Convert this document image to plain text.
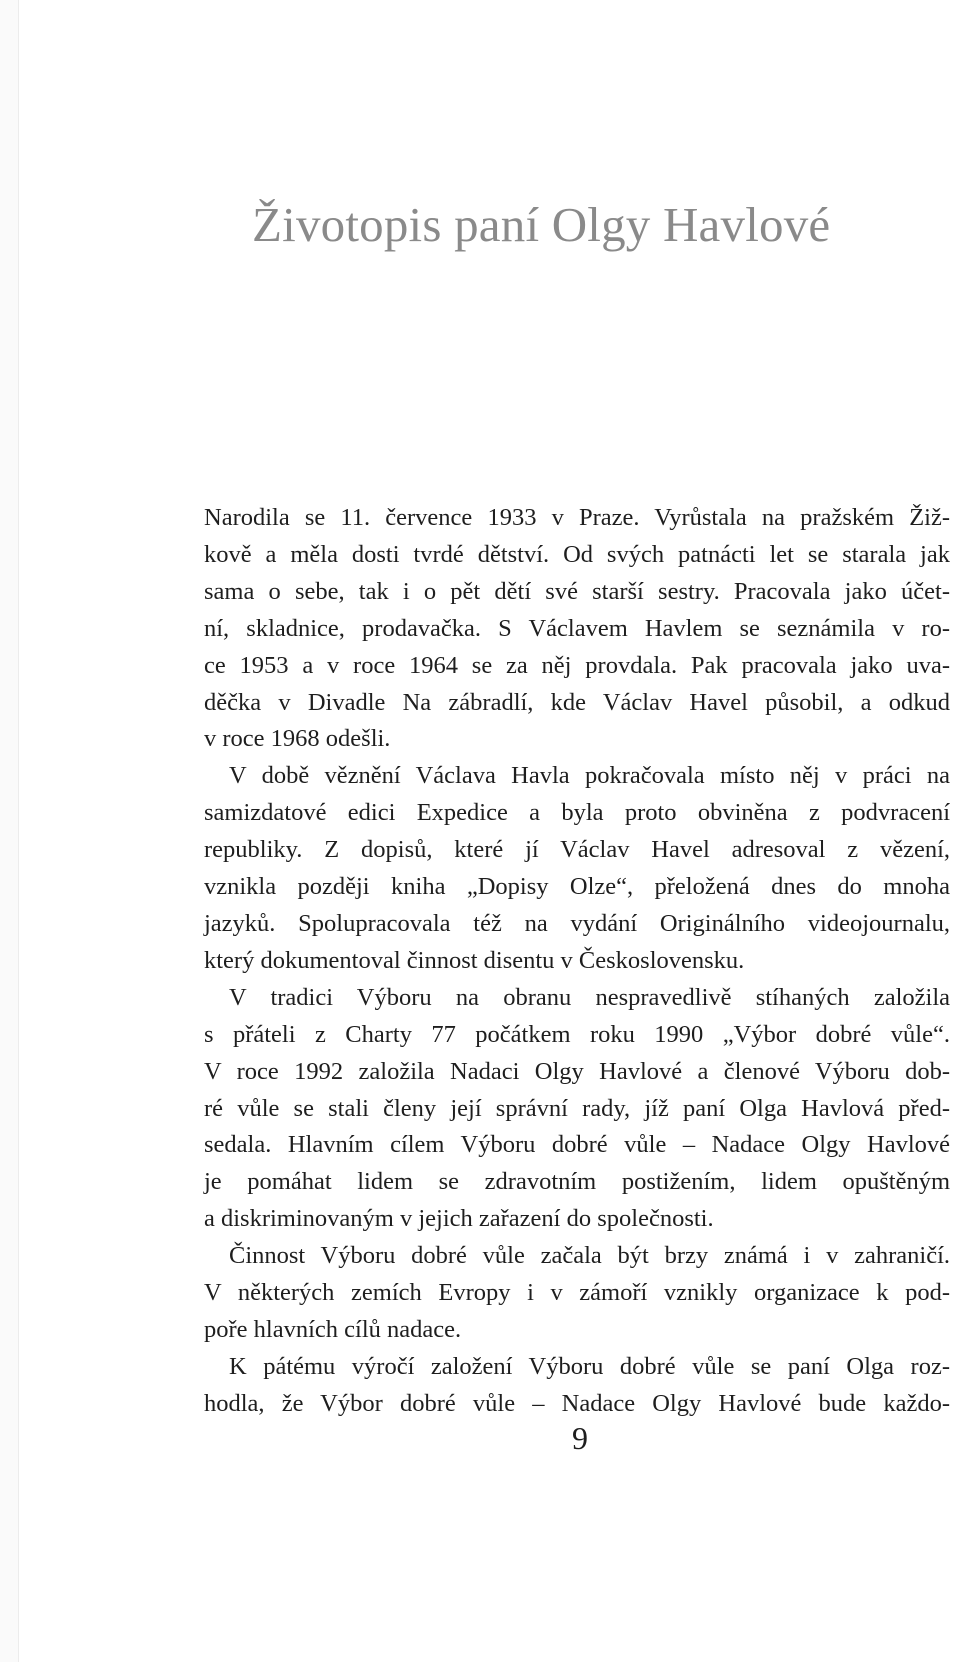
Životopis paní Olgy Havlové

Narodila se 11. července 1933 v Praze. Vyrůstala na pražském Žiž-
kově a měla dosti tvrdé dětství. Od svých patnácti let se starala jak
sama o sebe, tak i o pět dětí své starší sestry. Pracovala jako účet-
ní, skladnice, prodavačka. S Václavem Havlem se seznámila v ro-
ce 1953 a v roce 1964 se za něj provdala. Pak pracovala jako uva-
děčka v Divadle Na zábradlí, kde Václav Havel působil, a odkud
v roce 1968 odešli.

V době věznění Václava Havla pokračovala místo něj v práci na
samizdatové edici Expedice a byla proto obviněna z podvracení
republiky. Z dopisů, které jí Václav Havel adresoval z vězení,
vznikla později kniha „Dopisy Olze“, přeložená dnes do mnoha
jazyků. Spolupracovala též na vydání Originálního videojournalu,
který dokumentoval činnost disentu v Československu.

V tradici Výboru na obranu nespravedlivě stíhaných založila
s přáteli z Charty 77 počátkem roku 1990 „Výbor dobré vůle“.
V roce 1992 založila Nadaci Olgy Havlové a členové Výboru dob-
ré vůle se stali členy její správní rady, jíž paní Olga Havlová před-
sedala. Hlavním cílem Výboru dobré vůle – Nadace Olgy Havlové
je pomáhat lidem se zdravotním postižením, lidem opuštěným
a diskriminovaným v jejich zařazení do společnosti.

Činnost Výboru dobré vůle začala být brzy známá i v zahraničí.
V některých zemích Evropy i v zámoří vznikly organizace k pod-
poře hlavních cílů nadace.

K pátému výročí založení Výboru dobré vůle se paní Olga roz-
hodla, že Výbor dobré vůle – Nadace Olgy Havlové bude každo-

9
